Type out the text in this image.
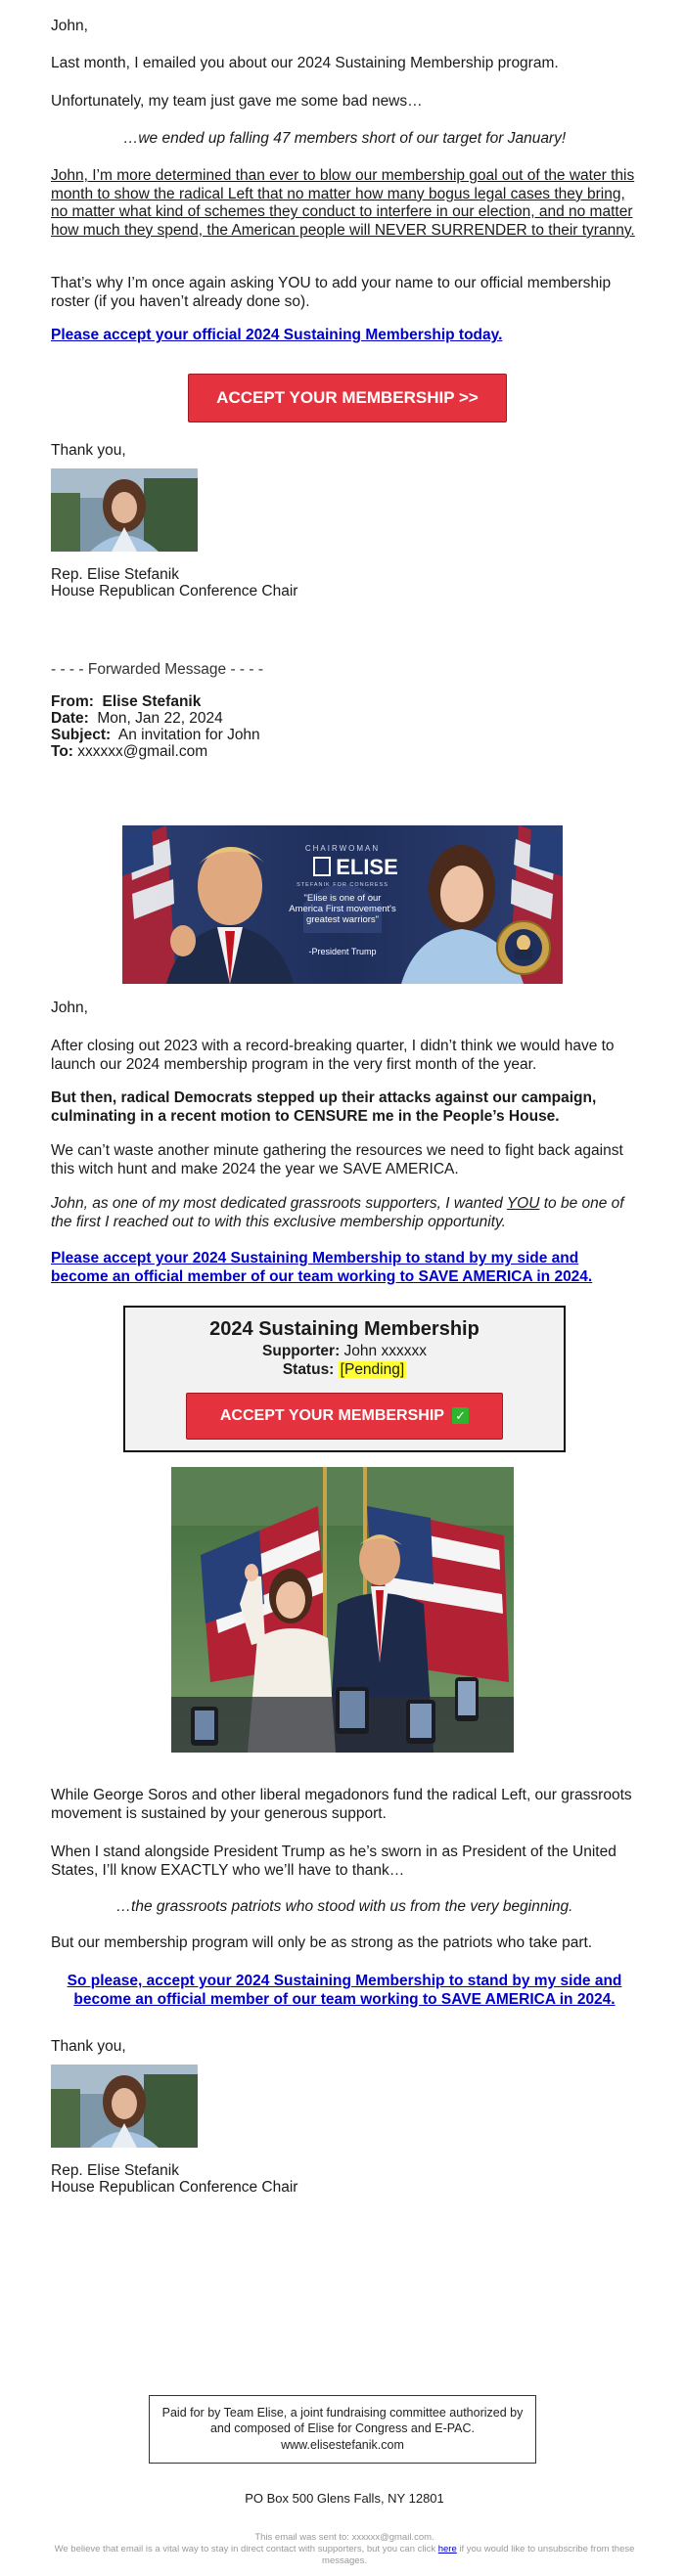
John,

Last month, I emailed you about our 2024 Sustaining Membership program.

Unfortunately, my team just gave me some bad news…

…we ended up falling 47 members short of our target for January!

John, I’m more determined than ever to blow our membership goal out of the water this month to show the radical Left that no matter how many bogus legal cases they bring, no matter what kind of schemes they conduct to interfere in our election, and no matter how much they spend, the American people will NEVER SURRENDER to their tyranny.

That’s why I’m once again asking YOU to add your name to our official membership roster (if you haven’t already done so).

Please accept your official 2024 Sustaining Membership today.

ACCEPT YOUR MEMBERSHIP >>

Thank you,

Rep. Elise Stefanik

House Republican Conference Chair

- - - - Forwarded Message - - - -

From: Elise Stefanik
Date: Mon, Jan 22, 2024
Subject: An invitation for John
To: xxxxxx@gmail.com
CHAIRWOMAN
ELISE
STEFANIK FOR CONGRESS
"Elise is one of our America First movement's greatest warriors"
-President Trump

John,

After closing out 2023 with a record-breaking quarter, I didn’t think we would have to launch our 2024 membership program in the very first month of the year.

But then, radical Democrats stepped up their attacks against our campaign, culminating in a recent motion to CENSURE me in the People’s House.

We can’t waste another minute gathering the resources we need to fight back against this witch hunt and make 2024 the year we SAVE AMERICA.

John, as one of my most dedicated grassroots supporters, I wanted YOU to be one of the first I reached out to with this exclusive membership opportunity.

Please accept your 2024 Sustaining Membership to stand by my side and become an official member of our team working to SAVE AMERICA in 2024.

2024 Sustaining Membership
Supporter: John xxxxxx
Status: [Pending]
ACCEPT YOUR MEMBERSHIP ✓

While George Soros and other liberal megadonors fund the radical Left, our grassroots movement is sustained by your generous support.

When I stand alongside President Trump as he’s sworn in as President of the United States, I’ll know EXACTLY who we’ll have to thank…

…the grassroots patriots who stood with us from the very beginning.

But our membership program will only be as strong as the patriots who take part.

So please, accept your 2024 Sustaining Membership to stand by my side and become an official member of our team working to SAVE AMERICA in 2024.

Thank you,

Rep. Elise Stefanik

House Republican Conference Chair

Paid for by Team Elise, a joint fundraising committee authorized by and composed of Elise for Congress and E-PAC. www.elisestefanik.com

PO Box 500 Glens Falls, NY 12801

This email was sent to: xxxxxx@gmail.com.

We believe that email is a vital way to stay in direct contact with supporters, but you can click here if you would like to unsubscribe from these messages.
